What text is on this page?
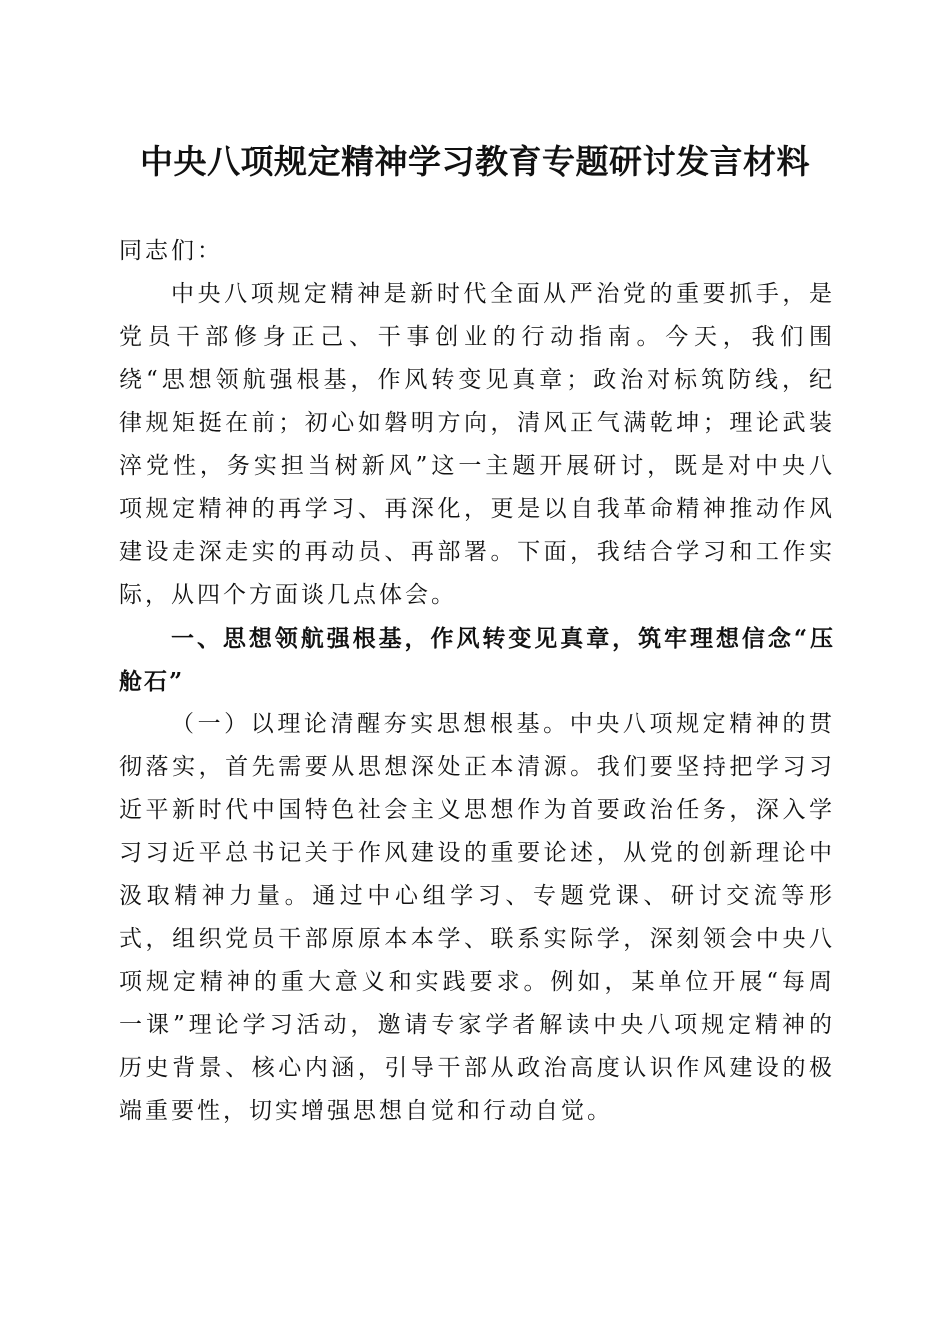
中央八项规定精神学习教育专题研讨发言材料

同志们：

中央八项规定精神是新时代全面从严治党的重要抓手，是党员干部修身正己、干事创业的行动指南。今天，我们围绕“思想领航强根基，作风转变见真章；政治对标筑防线，纪律规矩挺在前；初心如磐明方向，清风正气满乾坤；理论武装淬党性，务实担当树新风”这一主题开展研讨，既是对中央八项规定精神的再学习、再深化，更是以自我革命精神推动作风建设走深走实的再动员、再部署。下面，我结合学习和工作实际，从四个方面谈几点体会。

一、思想领航强根基，作风转变见真章，筑牢理想信念“压舱石”

（一）以理论清醒夯实思想根基。中央八项规定精神的贯彻落实，首先需要从思想深处正本清源。我们要坚持把学习习近平新时代中国特色社会主义思想作为首要政治任务，深入学习习近平总书记关于作风建设的重要论述，从党的创新理论中汲取精神力量。通过中心组学习、专题党课、研讨交流等形式，组织党员干部原原本本学、联系实际学，深刻领会中央八项规定精神的重大意义和实践要求。例如，某单位开展“每周一课”理论学习活动，邀请专家学者解读中央八项规定精神的历史背景、核心内涵，引导干部从政治高度认识作风建设的极端重要性，切实增强思想自觉和行动自觉。
